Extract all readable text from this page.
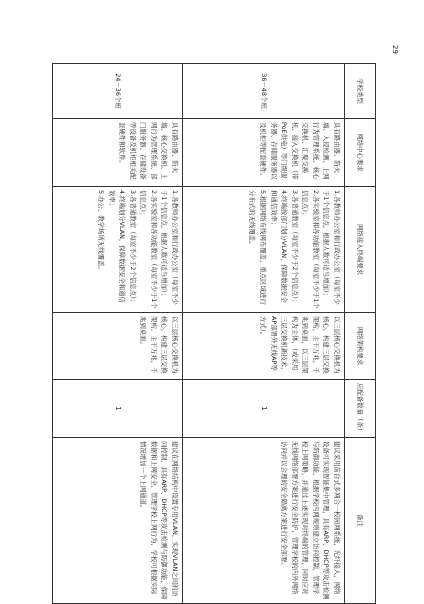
29
学校类型	网络中心要求	网络接入终端要求	网络架构要求	应配备数量（条）	备注
36－48个班	具有路由器、防火墙、入侵检测、上网行为管理系统、核心交换机、汇聚交换机、接入交换机（带PoE供电）等门级服务器、存储服务器以及机柜等配套硬件。	1.各教师办公室和行政办公室（每室不少于1个信息点，根据人数可适当增加）；
2.各实验室和各功能教室（每室不少于1个信息点）；
3.各普通教室（每室不少于2个信息点）；
4.终端按部门划分VLAN，保障数据安全和通信效率；
5.根据网络布线网布覆盖，重点区域进行分布式的无线覆盖。	以三层核心交换机为核心，构建三层交换架构，主干万兆，千兆到桌面，以三层架构为主体，（或采用三层交换机新技术，AP部署外无线AP等方式）。	1	建议采用前台式多网合一校园网系统，光纤接入，网络设备可实现智能集中管理，具有ARP、DHCP等攻击检测与防御功能，根据学校内网规则建立访问控制，管理学校上网策略，并通过上述实现对终端的管理，同时应对无线网络部署方案进行安全防护，管理学校的内外网络访问并以合理的安全隔离方案进行安全部署。
24－36个班	具有路由器、防火墙、核心交换机、上网行为管理系统、部门服务器、存储设备等设备及机柜相关配套硬件和软件。	1.各教师办公室和行政办公室（每室不少于1个信息点，根据人数可适当增加）；
2.各实验室和各功能教室（每室不少于1个信息点）；
3.各普通教室（每室不少于2个信息点）；
4.终端划分VLAN，保障数据安全和通信效率；
5.办公、教学场所无线覆盖。	以三层核心交换机为核心，构建三层交换架构，主干万兆，千兆到桌面。	1	建议在网络结构中设置专用VLAN，实现VLAN之间的访问控制，具有ARP、DHCP等攻击检测与防御功能，保障数据和上网安全，管理学校上网行为，学校可根据实际情况增加一个上网通道。
